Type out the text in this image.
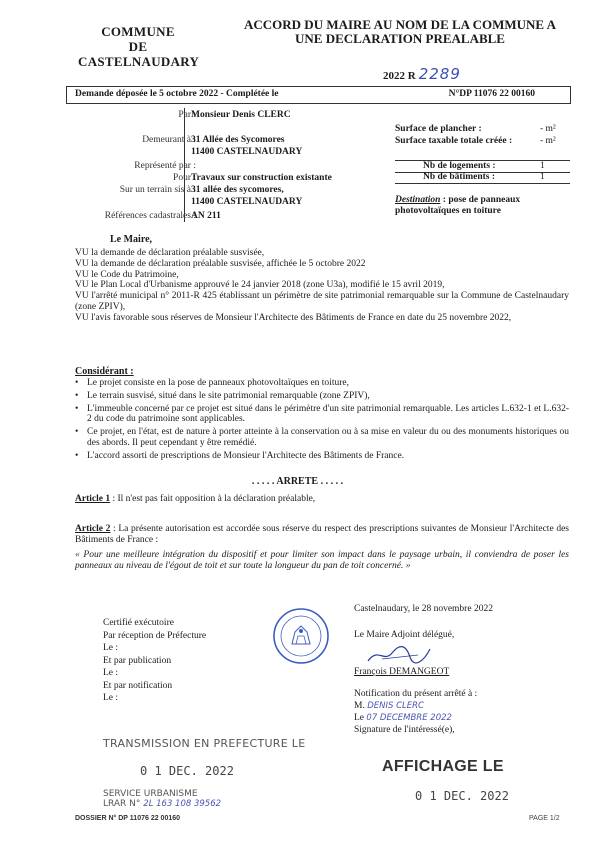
COMMUNE
DE
CASTELNAUDARY
ACCORD DU MAIRE AU NOM DE LA COMMUNE A
UNE DECLARATION PREALABLE
2022 R 2289
Demande déposée le 5 octobre 2022 - Complétée le	N°DP 11076 22 00160
Par :
Monsieur Denis CLERC
Demeurant à :
31 Allée des Sycomores
11400 CASTELNAUDARY
Représenté par :
Pour :
Travaux sur construction existante
Sur un terrain sis à :
31 allée des sycomores,
11400 CASTELNAUDARY
Références cadastrales :
AN 211
Surface de plancher :	- m²
Surface taxable totale créée :	- m²
Nb de logements :	1
Nb de bâtiments :	1
Destination : pose de panneaux photovoltaïques en toiture
Le Maire,

VU la demande de déclaration préalable susvisée,

VU la demande de déclaration préalable susvisée, affichée le 5 octobre 2022

VU le Code du Patrimoine,

VU le Plan Local d'Urbanisme approuvé le 24 janvier 2018 (zone U3a), modifié le 15 avril 2019,

VU l'arrêté municipal n° 2011-R 425 établissant un périmètre de site patrimonial remarquable sur la Commune de Castelnaudary (zone ZPIV),

VU l'avis favorable sous réserves de Monsieur l'Architecte des Bâtiments de France en date du 25 novembre 2022,

Considérant :
• Le projet consiste en la pose de panneaux photovoltaïques en toiture,
• Le terrain susvisé, situé dans le site patrimonial remarquable (zone ZPIV),
• L'immeuble concerné par ce projet est situé dans le périmètre d'un site patrimonial remarquable. Les articles L.632-1 et L.632-2 du code du patrimoine sont applicables.
• Ce projet, en l'état, est de nature à porter atteinte à la conservation ou à sa mise en valeur du ou des monuments historiques ou des abords. Il peut cependant y être remédié.
• L'accord assorti de prescriptions de Monsieur l'Architecte des Bâtiments de France.
. . . . . ARRETE . . . . .
Article 1 : Il n'est pas fait opposition à la déclaration préalable,
Article 2 : La présente autorisation est accordée sous réserve du respect des prescriptions suivantes de Monsieur l'Architecte des Bâtiments de France :
« Pour une meilleure intégration du dispositif et pour limiter son impact dans le paysage urbain, il conviendra de poser les panneaux au niveau de l'égout de toit et sur toute la longueur du pan de toit concerné. »
Certifié exécutoire
Par réception de Préfecture
Le :
Et par publication
Le :
Et par notification
Le :
Castelnaudary, le 28 novembre 2022
Le Maire Adjoint délégué,
François DEMANGEOT
Notification du présent arrêté à :
M. DENIS CLERC
Le 07 DECEMBRE 2022
Signature de l'intéressé(e),
TRANSMISSION EN PREFECTURE LE
0 1 DEC. 2022
SERVICE URBANISME
LRAR N° 2L 163 108 39562
AFFICHAGE LE
0 1 DEC. 2022
DOSSIER N° DP 11076 22 00160	PAGE 1/2
